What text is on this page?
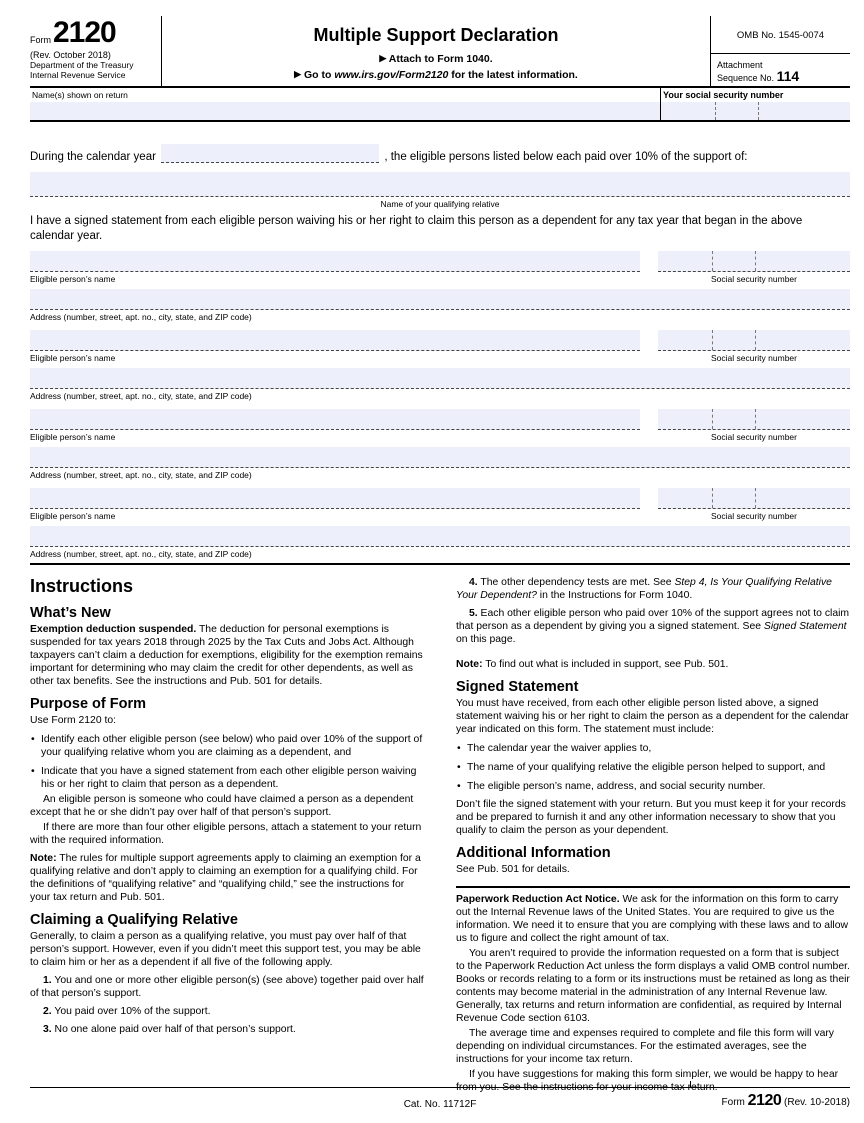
Form 2120
(Rev. October 2018)
Department of the Treasury
Internal Revenue Service
Multiple Support Declaration
▶ Attach to Form 1040.
▶ Go to www.irs.gov/Form2120 for the latest information.
OMB No. 1545-0074
Attachment
Sequence No. 114
Name(s) shown on return	Your social security number
During the calendar year	, the eligible persons listed below each paid over 10% of the support of:
Name of your qualifying relative
I have a signed statement from each eligible person waiving his or her right to claim this person as a dependent for any tax year that began in the above calendar year.
Eligible person’s name	Social security number
Address (number, street, apt. no., city, state, and ZIP code)
Eligible person’s name	Social security number
Address (number, street, apt. no., city, state, and ZIP code)
Eligible person’s name	Social security number
Address (number, street, apt. no., city, state, and ZIP code)
Eligible person’s name	Social security number
Address (number, street, apt. no., city, state, and ZIP code)
Instructions
What’s New

Exemption deduction suspended. The deduction for personal exemptions is suspended for tax years 2018 through 2025 by the Tax Cuts and Jobs Act. Although taxpayers can’t claim a deduction for exemptions, eligibility for the exemption remains important for determining who may claim the credit for other dependents, as well as other tax benefits. See the instructions and Pub. 501 for details.

Purpose of Form

Use Form 2120 to:

• Identify each other eligible person (see below) who paid over 10% of the support of your qualifying relative whom you are claiming as a dependent, and

• Indicate that you have a signed statement from each other eligible person waiving his or her right to claim that person as a dependent.

An eligible person is someone who could have claimed a person as a dependent except that he or she didn’t pay over half of that person’s support.

If there are more than four other eligible persons, attach a statement to your return with the required information.

Note: The rules for multiple support agreements apply to claiming an exemption for a qualifying relative and don’t apply to claiming an exemption for a qualifying child. For the definitions of “qualifying relative” and “qualifying child,” see the instructions for your tax return and Pub. 501.

Claiming a Qualifying Relative

Generally, to claim a person as a qualifying relative, you must pay over half of that person’s support. However, even if you didn’t meet this support test, you may be able to claim him or her as a dependent if all five of the following apply.

1. You and one or more other eligible person(s) (see above) together paid over half of that person’s support.

2. You paid over 10% of the support.

3. No one alone paid over half of that person’s support.

4. The other dependency tests are met. See Step 4, Is Your Qualifying Relative Your Dependent? in the Instructions for Form 1040.

5. Each other eligible person who paid over 10% of the support agrees not to claim that person as a dependent by giving you a signed statement. See Signed Statement on this page.

Note: To find out what is included in support, see Pub. 501.

Signed Statement

You must have received, from each other eligible person listed above, a signed statement waiving his or her right to claim the person as a dependent for the calendar year indicated on this form. The statement must include:

• The calendar year the waiver applies to,

• The name of your qualifying relative the eligible person helped to support, and

• The eligible person’s name, address, and social security number.

Don’t file the signed statement with your return. But you must keep it for your records and be prepared to furnish it and any other information necessary to show that you qualify to claim the person as your dependent.

Additional Information

See Pub. 501 for details.

Paperwork Reduction Act Notice. We ask for the information on this form to carry out the Internal Revenue laws of the United States. You are required to give us the information. We need it to ensure that you are complying with these laws and to allow us to figure and collect the right amount of tax.

You aren’t required to provide the information requested on a form that is subject to the Paperwork Reduction Act unless the form displays a valid OMB control number. Books or records relating to a form or its instructions must be retained as long as their contents may become material in the administration of any Internal Revenue law. Generally, tax returns and return information are confidential, as required by Internal Revenue Code section 6103.

The average time and expenses required to complete and file this form will vary depending on individual circumstances. For the estimated averages, see the instructions for your income tax return.

If you have suggestions for making this form simpler, we would be happy to hear from you. See the instructions for your income tax return.

Cat. No. 11712F	Form 2120 (Rev. 10-2018)
